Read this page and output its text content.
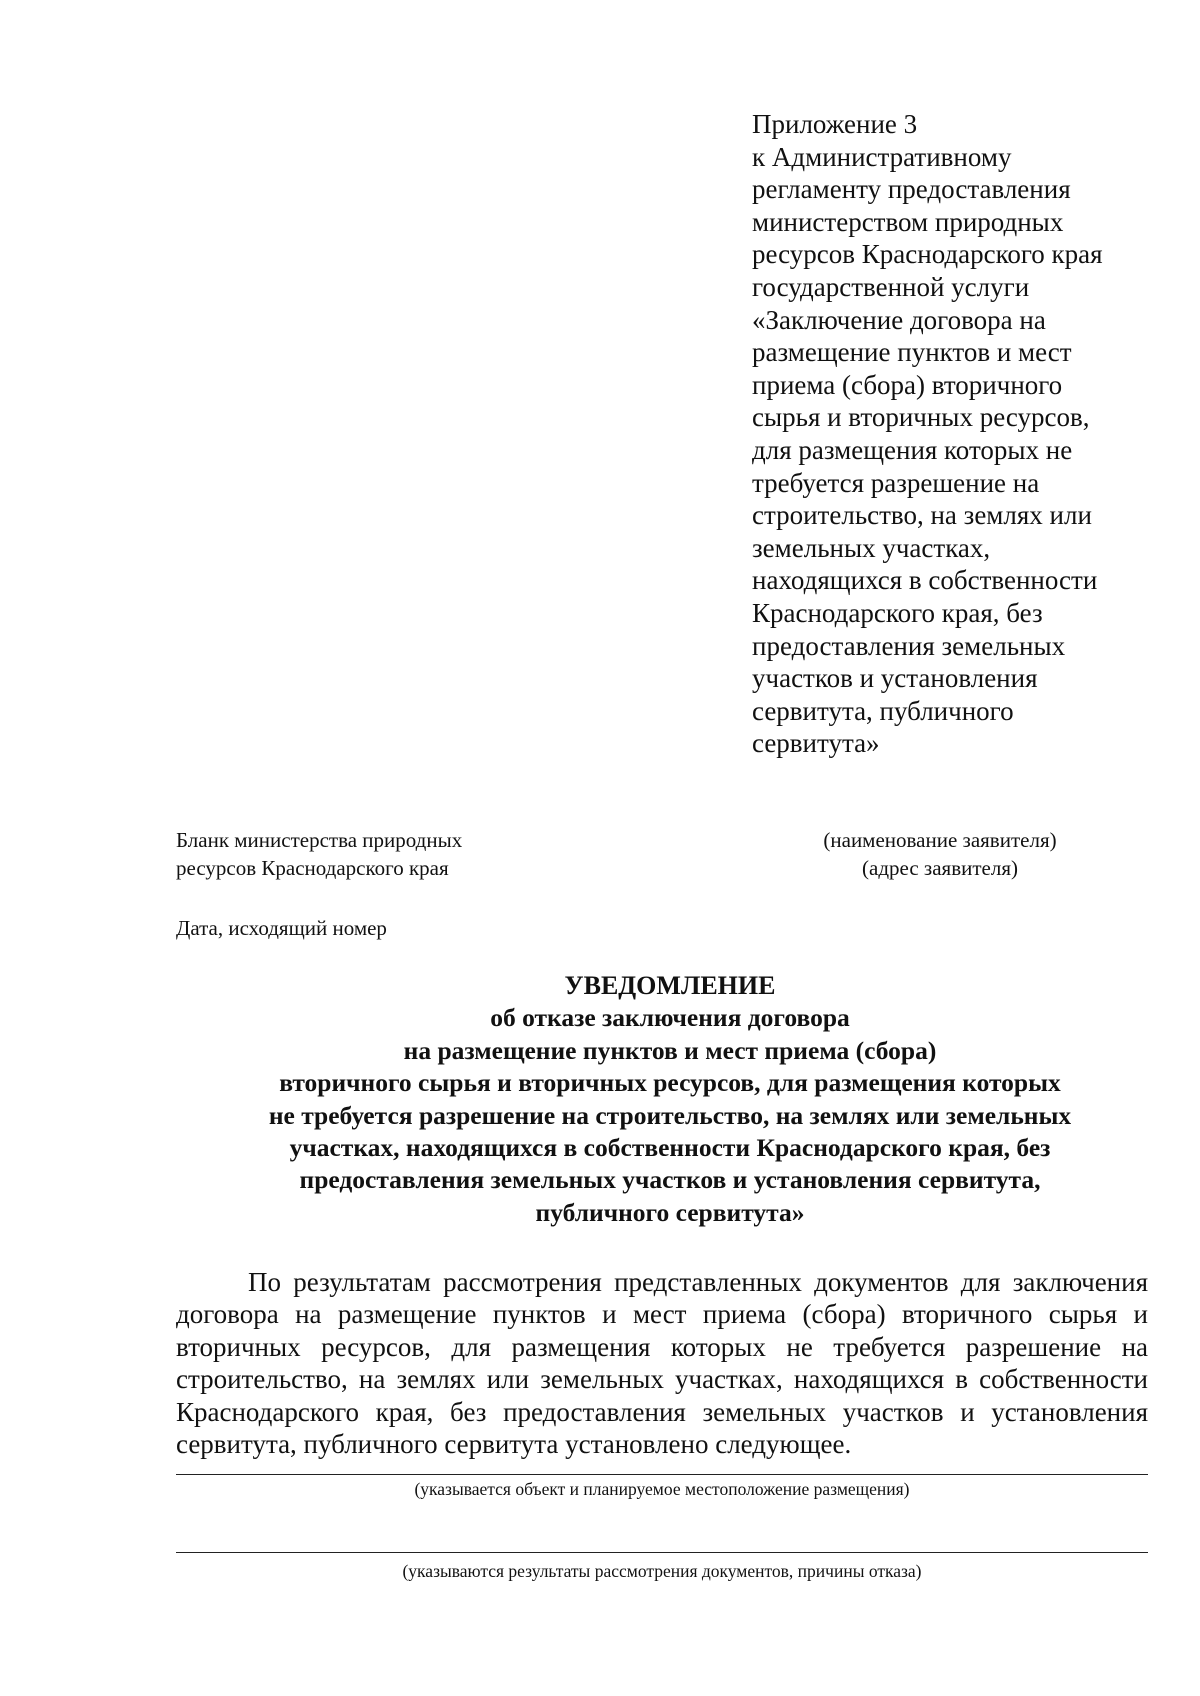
Приложение 3
к Административному
регламенту предоставления
министерством природных
ресурсов Краснодарского края
государственной услуги
«Заключение договора на
размещение пунктов и мест
приема (сбора) вторичного
сырья и вторичных ресурсов,
для размещения которых не
требуется разрешение на
строительство, на землях или
земельных участках,
находящихся в собственности
Краснодарского края, без
предоставления земельных
участков и установления
сервитута, публичного
сервитута»
Бланк министерства природных
ресурсов Краснодарского края
(наименование заявителя)
(адрес заявителя)
Дата, исходящий номер
УВЕДОМЛЕНИЕ
об отказе заключения договора
на размещение пунктов и мест приема (сбора)
вторичного сырья и вторичных ресурсов, для размещения которых
не требуется разрешение на строительство, на землях или земельных
участках, находящихся в собственности Краснодарского края, без
предоставления земельных участков и установления сервитута,
публичного сервитута»

По результатам рассмотрения представленных документов для заключения договора на размещение пунктов и мест приема (сбора) вторичного сырья и вторичных ресурсов, для размещения которых не требуется разрешение на строительство, на землях или земельных участках, находящихся в собственности Краснодарского края, без предоставления земельных участков и установления сервитута, публичного сервитута установлено следующее.

(указывается объект и планируемое местоположение размещения)
(указываются результаты рассмотрения документов, причины отказа)
